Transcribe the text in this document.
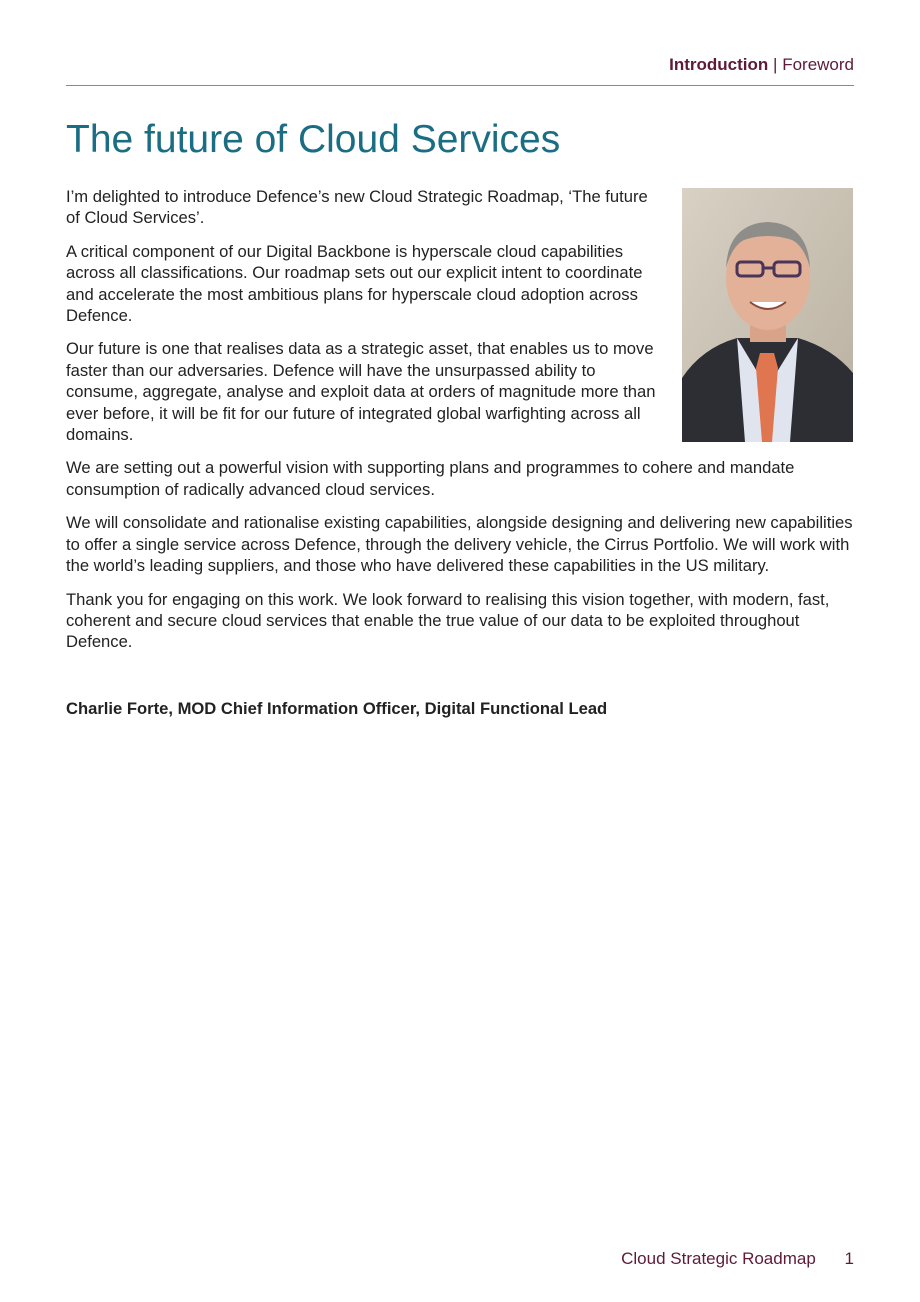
Introduction | Foreword
The future of Cloud Services

I’m delighted to introduce Defence’s new Cloud Strategic Roadmap, ‘The future of Cloud Services’.

A critical component of our Digital Backbone is hyperscale cloud capabilities across all classifications. Our roadmap sets out our explicit intent to coordinate and accelerate the most ambitious plans for hyperscale cloud adoption across Defence.

Our future is one that realises data as a strategic asset, that enables us to move faster than our adversaries. Defence will have the unsurpassed ability to consume, aggregate, analyse and exploit data at orders of magnitude more than ever before, it will be fit for our future of integrated global warfighting across all domains.

We are setting out a powerful vision with supporting plans and programmes to cohere and mandate consumption of radically advanced cloud services.

We will consolidate and rationalise existing capabilities, alongside designing and delivering new capabilities to offer a single service across Defence, through the delivery vehicle, the Cirrus Portfolio. We will work with the world’s leading suppliers, and those who have delivered these capabilities in the US military.

Thank you for engaging on this work. We look forward to realising this vision together, with modern, fast, coherent and secure cloud services that enable the true value of our data to be exploited throughout Defence.

Charlie Forte, MOD Chief Information Officer, Digital Functional Lead

Cloud Strategic Roadmap 1
